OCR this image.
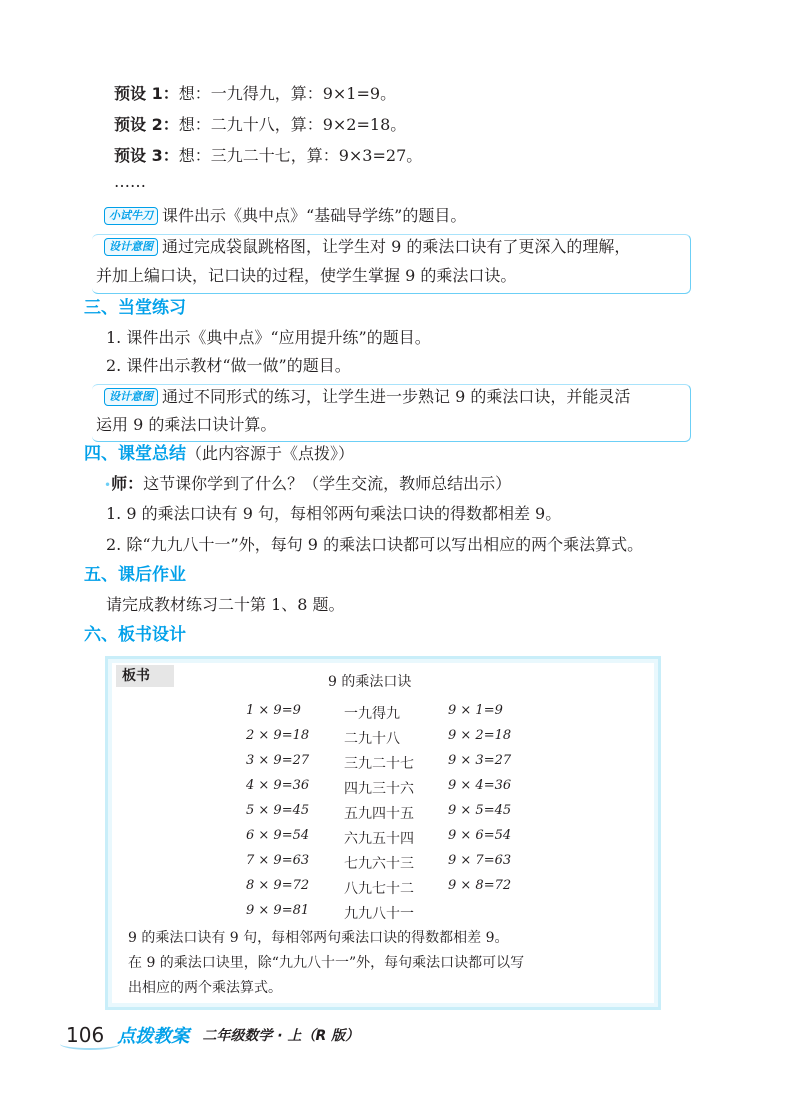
预设 1：想：一九得九，算：9×1=9。
预设 2：想：二九十八，算：9×2=18。
预设 3：想：三九二十七，算：9×3=27。
……
小试牛刀 课件出示《典中点》“基础导学练”的题目。
设计意图 通过完成袋鼠跳格图，让学生对 9 的乘法口诀有了更深入的理解，
并加上编口诀，记口诀的过程，使学生掌握 9 的乘法口诀。
三、当堂练习
1. 课件出示《典中点》“应用提升练”的题目。
2. 课件出示教材“做一做”的题目。
设计意图 通过不同形式的练习，让学生进一步熟记 9 的乘法口诀，并能灵活
运用 9 的乘法口诀计算。
四、课堂总结（此内容源于《点拨》）
•师：这节课你学到了什么？（学生交流，教师总结出示）
1. 9 的乘法口诀有 9 句，每相邻两句乘法口诀的得数都相差 9。
2. 除“九九八十一”外，每句 9 的乘法口诀都可以写出相应的两个乘法算式。
五、课后作业
请完成教材练习二十第 1、8 题。
六、板书设计
板书	9 的乘法口诀
1 × 9=9
2 × 9=18
3 × 9=27
4 × 9=36
5 × 9=45
6 × 9=54
7 × 9=63
8 × 9=72
9 × 9=81
一九得九
二九十八
三九二十七
四九三十六
五九四十五
六九五十四
七九六十三
八九七十二
九九八十一
9 × 1=9
9 × 2=18
9 × 3=27
9 × 4=36
9 × 5=45
9 × 6=54
9 × 7=63
9 × 8=72
9 的乘法口诀有 9 句，每相邻两句乘法口诀的得数都相差 9。
在 9 的乘法口诀里，除“九九八十一”外，每句乘法口诀都可以写
出相应的两个乘法算式。
106 点拨教案 二年级数学 · 上（R 版）
